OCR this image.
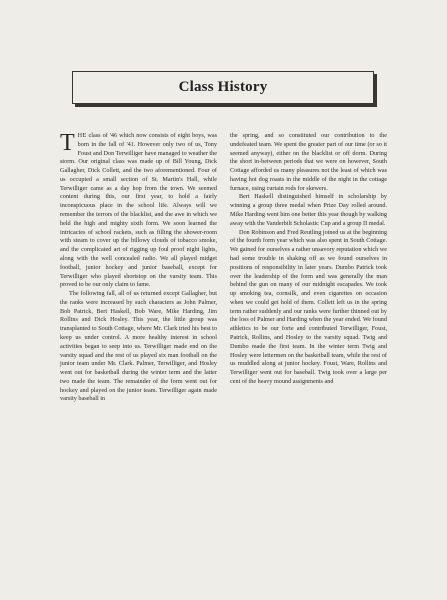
Class History

THE class of '46 which now consists of eight boys, was born in the fall of '41. However only two of us, Tony Foust and Don Terwilliger have managed to weather the storm. Our original class was made up of Bill Young, Dick Gallagher, Dick Collett, and the two aforementioned. Four of us occupied a small section of St. Martin's Hall, while Terwilliger came as a day hop from the town. We seemed content during this, our first year, to hold a fairly inconspicuous place in the school life. Always will we remember the terrors of the blacklist, and the awe in which we held the high and mighty sixth form. We soon learned the intricacies of school rackets, such as filling the shower-room with steam to cover up the billowy clouds of tobacco smoke, and the complicated art of rigging up foul proof night lights, along with the well concealed radio. We all played midget football, junior hockey and junior baseball, except for Terwilliger who played shortstop on the varsity team. This proved to be our only claim to fame.

The following fall, all of us returned except Gallagher, but the ranks were increased by such characters as John Palmer, Bob Patrick, Bert Haskell, Bob Ware, Mike Harding, Jim Rollins and Dick Hosley. This year, the little group was transplanted to South Cottage, where Mr. Clark tried his best to keep us under control. A more healthy interest in school activities began to seep into us. Terwilliger made end on the varsity squad and the rest of us played six man football on the junior team under Mr. Clark. Palmer, Terwilliger, and Hosley went out for basketball during the winter term and the latter two made the team. The remainder of the form went out for hockey and played on the junior team. Terwilliger again made varsity baseball in

the spring, and so constituted our contribution to the undefeated team. We spent the greater part of our time (or so it seemed anyway), either on the blacklist or off dorm. During the short in-between periods that we were on however, South Cottage afforded us many pleasures not the least of which was having hot dog roasts in the middle of the night in the cottage furnace, using curtain rods for skewers.

Bert Haskell distinguished himself in scholarship by winning a group three medal when Prize Day rolled around. Mike Harding went him one better this year though by walking away with the Vanderbilt Scholastic Cup and a group II medal.

Don Robinson and Fred Reutling joined us at the beginning of the fourth form year which was also spent in South Cottage. We gained for ourselves a rather unsavory reputation which we had some trouble in shaking off as we found ourselves in positions of responsibility in later years. Dumbo Patrick took over the leadership of the form and was generally the man behind the gun on many of our midnight escapades. We took up smoking tea, cornsilk, and even cigarettes on occasion when we could get hold of them. Collett left us in the spring term rather suddenly and our ranks were further thinned out by the loss of Palmer and Harding when the year ended. We found athletics to be our forte and contributed Terwilliger, Foust, Patrick, Rollins, and Hosley to the varsity squad. Twig and Dumbo made the first team. In the winter term Twig and Hosley were lettermen on the basketball team, while the rest of us muddled along at junior hockey. Foust, Ware, Rollins and Terwilliger went out for baseball. Twig took over a large per cent of the heavy mound assignments and
